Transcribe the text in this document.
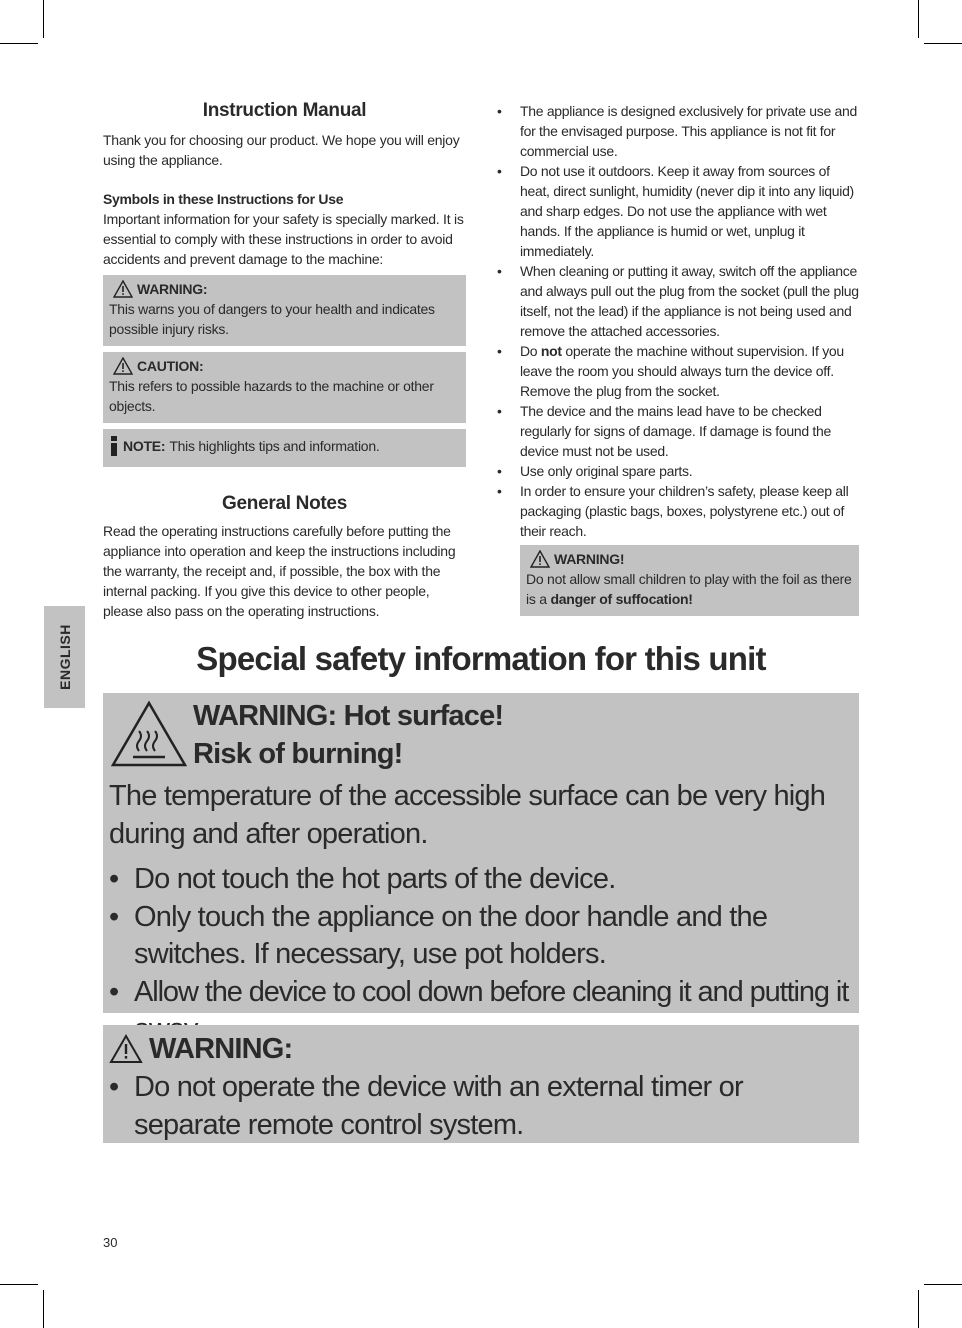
Instruction Manual
Thank you for choosing our product. We hope you will enjoy using the appliance.
Symbols in these Instructions for Use
Important information for your safety is specially marked. It is essential to comply with these instructions in order to avoid accidents and prevent damage to the machine:
WARNING:
This warns you of dangers to your health and indicates possible injury risks.
CAUTION:
This refers to possible hazards to the machine or other objects.
NOTE: This highlights tips and information.
General Notes
Read the operating instructions carefully before putting the appliance into operation and keep the instructions including the warranty, the receipt and, if possible, the box with the internal packing. If you give this device to other people, please also pass on the operating instructions.
• The appliance is designed exclusively for private use and for the envisaged purpose. This appliance is not fit for commercial use.
• Do not use it outdoors. Keep it away from sources of heat, direct sunlight, humidity (never dip it into any liquid) and sharp edges. Do not use the appliance with wet hands. If the appliance is humid or wet, unplug it immediately.
• When cleaning or putting it away, switch off the appliance and always pull out the plug from the socket (pull the plug itself, not the lead) if the appliance is not being used and remove the attached accessories.
• Do not operate the machine without supervision. If you leave the room you should always turn the device off. Remove the plug from the socket.
• The device and the mains lead have to be checked regularly for signs of damage. If damage is found the device must not be used.
• Use only original spare parts.
• In order to ensure your children’s safety, please keep all packaging (plastic bags, boxes, polystyrene etc.) out of their reach.
WARNING!
Do not allow small children to play with the foil as there is a danger of suffocation!
ENGLISH	Special safety information for this unit
WARNING: Hot surface!
Risk of burning!
The temperature of the accessible surface can be very high during and after operation.
• Do not touch the hot parts of the device.
• Only touch the appliance on the door handle and the switches. If necessary, use pot holders.
• Allow the device to cool down before cleaning it and putting it
WARNING:
• Do not operate the device with an external timer or separate remote control system.
30
